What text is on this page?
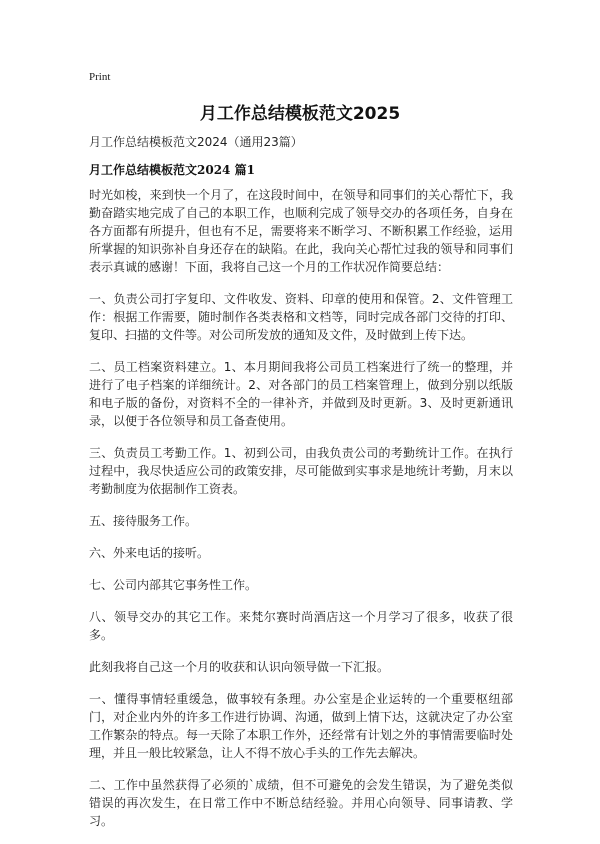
Print
月工作总结模板范文2025
月工作总结模板范文2024（通用23篇）
月工作总结模板范文2024 篇1

时光如梭，来到快一个月了，在这段时间中，在领导和同事们的关心帮忙下，我勤奋踏实地完成了自己的本职工作，也顺利完成了领导交办的各项任务，自身在各方面都有所提升，但也有不足，需要将来不断学习、不断积累工作经验，运用所掌握的知识弥补自身还存在的缺陷。在此，我向关心帮忙过我的领导和同事们表示真诚的感谢！下面，我将自己这一个月的工作状况作简要总结：

一、负责公司打字复印、文件收发、资料、印章的使用和保管。2、文件管理工作：根据工作需要，随时制作各类表格和文档等，同时完成各部门交待的打印、复印、扫描的文件等。对公司所发放的通知及文件，及时做到上传下达。

二、员工档案资料建立。1、本月期间我将公司员工档案进行了统一的整理，并进行了电子档案的详细统计。2、对各部门的员工档案管理上，做到分别以纸版和电子版的备份，对资料不全的一律补齐，并做到及时更新。3、及时更新通讯录，以便于各位领导和员工备查使用。

三、负责员工考勤工作。1、初到公司，由我负责公司的考勤统计工作。在执行过程中，我尽快适应公司的政策安排，尽可能做到实事求是地统计考勤，月末以考勤制度为依据制作工资表。

五、接待服务工作。

六、外来电话的接听。

七、公司内部其它事务性工作。

八、领导交办的其它工作。来梵尔赛时尚酒店这一个月学习了很多，收获了很多。

此刻我将自己这一个月的收获和认识向领导做一下汇报。

一、懂得事情轻重缓急，做事较有条理。办公室是企业运转的一个重要枢纽部门，对企业内外的许多工作进行协调、沟通，做到上情下达，这就决定了办公室工作繁杂的特点。每一天除了本职工作外，还经常有计划之外的事情需要临时处理，并且一般比较紧急，让人不得不放心手头的工作先去解决。

二、工作中虽然获得了必须的`成绩，但不可避免的会发生错误，为了避免类似错误的再次发生，在日常工作中不断总结经验。并用心向领导、同事请教、学习。
